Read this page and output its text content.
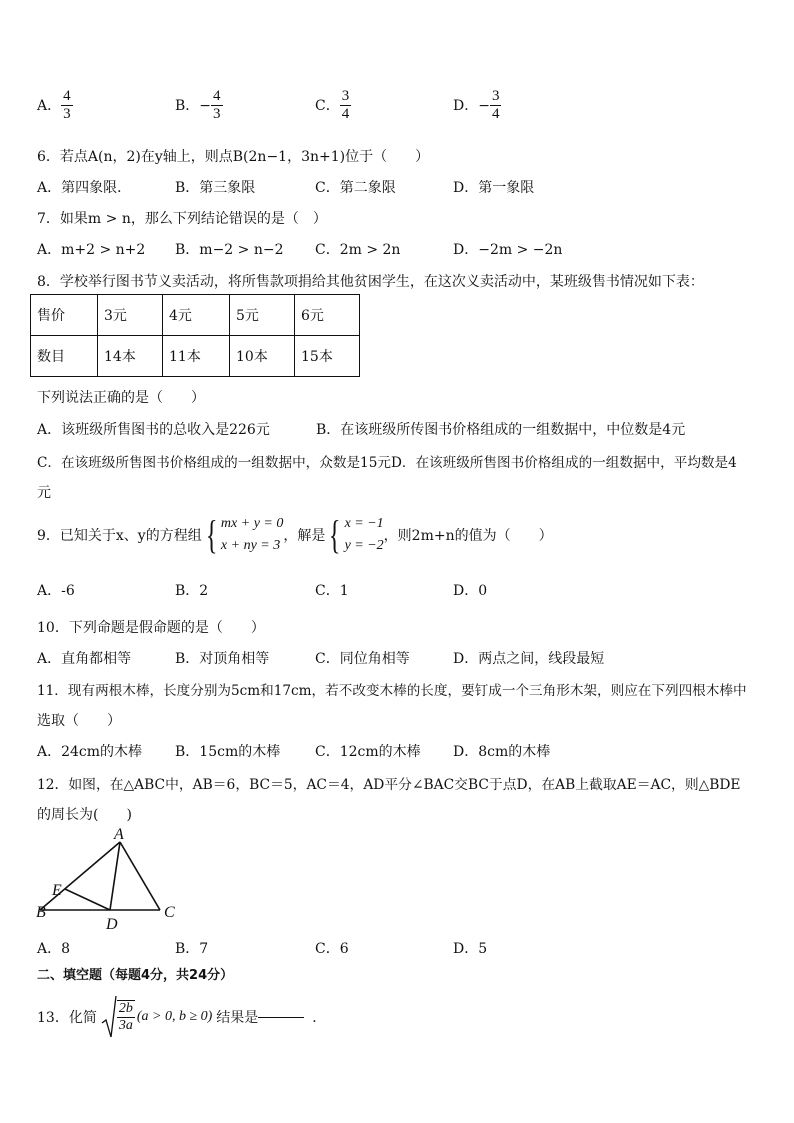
A． $\frac{4}{3}$	B．− $\frac{4}{3}$	C． $\frac{3}{4}$	D．− $\frac{3}{4}$
6．若点A(n，2)在y轴上，则点B(2n−1，3n+1)位于（　　）
A．第四象限．	B．第三象限	C．第二象限	D．第一象限
7．如果m > n，那么下列结论错误的是（　）
A．m+2 > n+2 B．m−2 > n−2 C．2m > 2n	D．−2m > −2n
8．学校举行图书节义卖活动，将所售款项捐给其他贫困学生，在这次义卖活动中，某班级售书情况如下表：
售价	3元	4元	5元	6元
数目	14本	11本	10本	15本
下列说法正确的是（　　）
A．该班级所售图书的总收入是226元	B．在该班级所传图书价格组成的一组数据中，中位数是4元
C．在该班级所售图书价格组成的一组数据中，众数是15元D．在该班级所售图书价格组成的一组数据中，平均数是4
元
9．已知关于x、y的方程组 { mx + y = 0
x + ny = 3
，解是 { x = −1
y = −2
，则2m+n的值为（　　）
A．-6	B．2	C．1	D．0
10．下列命题是假命题的是（　　）
A．直角都相等	B．对顶角相等	C．同位角相等	D．两点之间，线段最短
11．现有两根木棒，长度分别为5cm和17cm，若不改变木棒的长度，要钉成一个三角形木架，则应在下列四根木棒中
选取（　　）
A．24cm的木棒 B．15cm的木棒 C．12cm的木棒 D．8cm的木棒
12．如图，在△ABC中，AB＝6，BC＝5，AC＝4，AD平分∠BAC交BC于点D，在AB上截取AE＝AC，则△BDE
的周长为(　　)
A
B	C
D
E
A．8	B．7	C．6	D．5
二、填空题（每题4分，共24分）
13．化简 $\frac{2b}{3a} (a > 0$, b ≥ 0) 结果是	．
